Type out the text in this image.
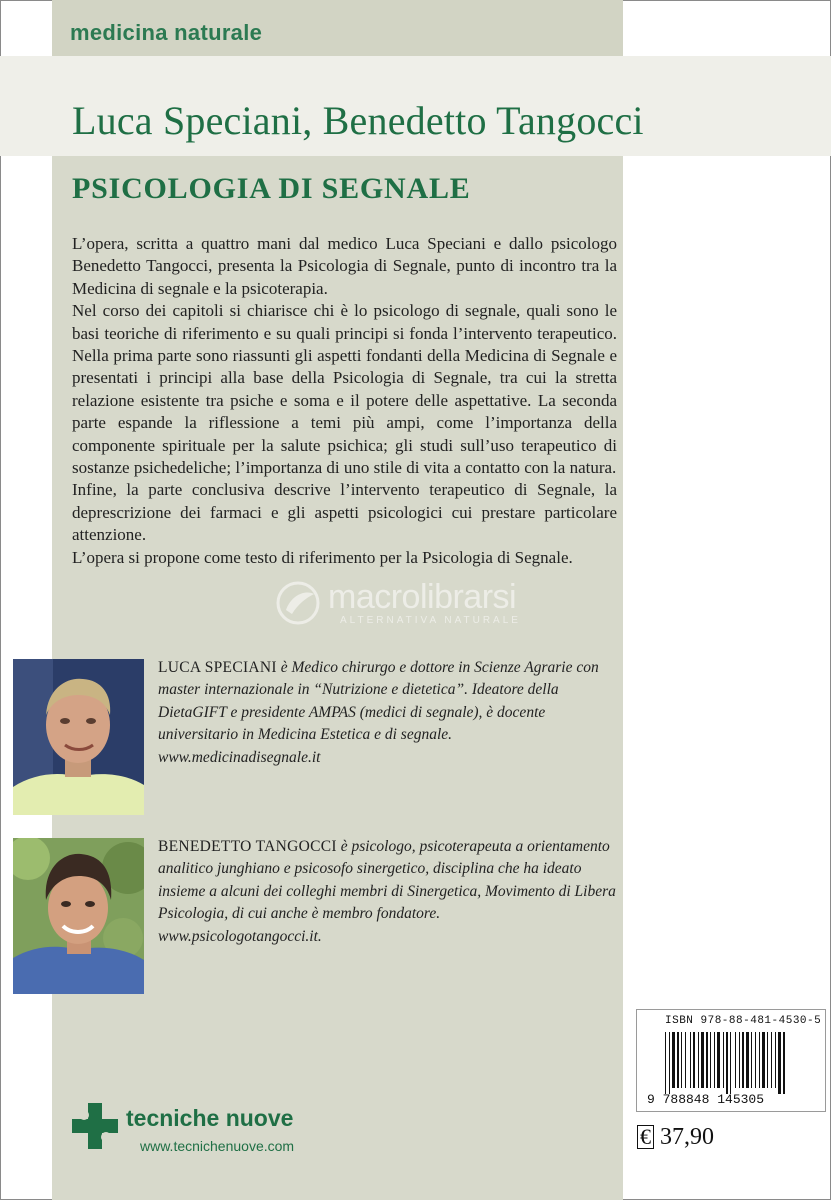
medicina naturale
Luca Speciani, Benedetto Tangocci
PSICOLOGIA DI SEGNALE

L’opera, scritta a quattro mani dal medico Luca Speciani e dallo psicologo Benedetto Tangocci, presenta la Psicologia di Segnale, punto di incontro tra la Medicina di segnale e la psicoterapia.

Nel corso dei capitoli si chiarisce chi è lo psicologo di segnale, quali sono le basi teoriche di riferimento e su quali principi si fonda l’intervento terapeutico. Nella prima parte sono riassunti gli aspetti fondanti della Medicina di Segnale e presentati i principi alla base della Psicologia di Segnale, tra cui la stretta relazione esistente tra psiche e soma e il potere delle aspettative. La seconda parte espande la riflessione a temi più ampi, come l’importanza della componente spirituale per la salute psichica; gli studi sull’uso terapeutico di sostanze psichedeliche; l’importanza di uno stile di vita a contatto con la natura.

Infine, la parte conclusiva descrive l’intervento terapeutico di Segnale, la deprescrizione dei farmaci e gli aspetti psicologici cui prestare particolare attenzione.

L’opera si propone come testo di riferimento per la Psicologia di Segnale.

macrolibrarsi
ALTERNATIVA NATURALE
LUCA SPECIANI è Medico chirurgo e dottore in Scienze Agrarie con master internazionale in “Nutrizione e dietetica”. Ideatore della DietaGIFT e presidente AMPAS (medici di segnale), è docente universitario in Medicina Estetica e di segnale.
www.medicinadisegnale.it
BENEDETTO TANGOCCI è psicologo, psicoterapeuta a orientamento analitico junghiano e psicosofo sinergetico, disciplina che ha ideato insieme a alcuni dei colleghi membri di Sinergetica, Movimento di Libera Psicologia, di cui anche è membro fondatore.
www.psicologotangocci.it.
tecniche nuove
www.tecnichenuove.com
ISBN 978-88-481-4530-5
9 788848 145305
€ 37,90
